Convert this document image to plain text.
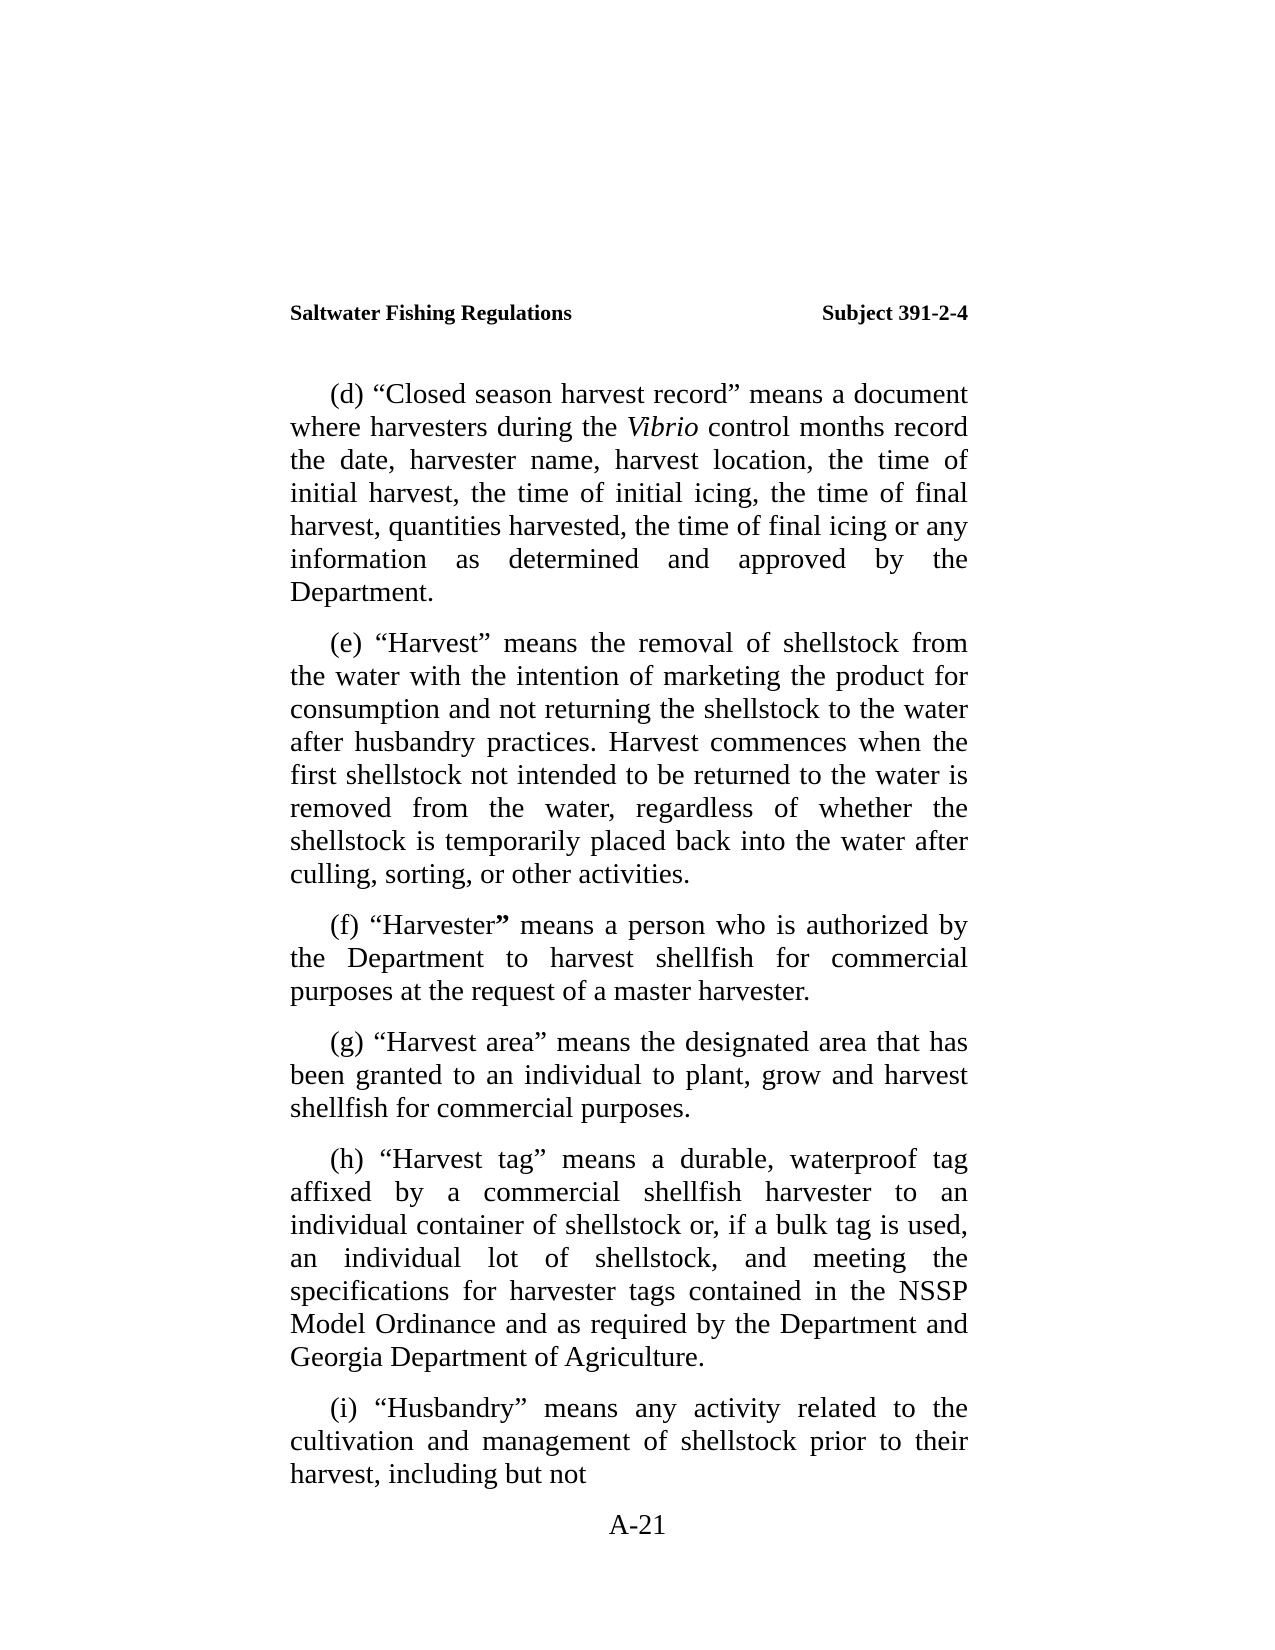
Saltwater Fishing Regulations	Subject 391-2-4

(d) “Closed season harvest record” means a document where harvesters during the Vibrio control months record the date, harvester name, harvest location, the time of initial harvest, the time of initial icing, the time of final harvest, quantities harvested, the time of final icing or any information as determined and approved by the Department.

(e) “Harvest” means the removal of shellstock from the water with the intention of marketing the product for consumption and not returning the shellstock to the water after husbandry practices. Harvest commences when the first shellstock not intended to be returned to the water is removed from the water, regardless of whether the shellstock is temporarily placed back into the water after culling, sorting, or other activities.

(f) “Harvester” means a person who is authorized by the Department to harvest shellfish for commercial purposes at the request of a master harvester.

(g) “Harvest area” means the designated area that has been granted to an individual to plant, grow and harvest shellfish for commercial purposes.

(h) “Harvest tag” means a durable, waterproof tag affixed by a commercial shellfish harvester to an individual container of shellstock or, if a bulk tag is used, an individual lot of shellstock, and meeting the specifications for harvester tags contained in the NSSP Model Ordinance and as required by the Department and Georgia Department of Agriculture.

(i) “Husbandry” means any activity related to the cultivation and management of shellstock prior to their harvest, including but not

A-21
